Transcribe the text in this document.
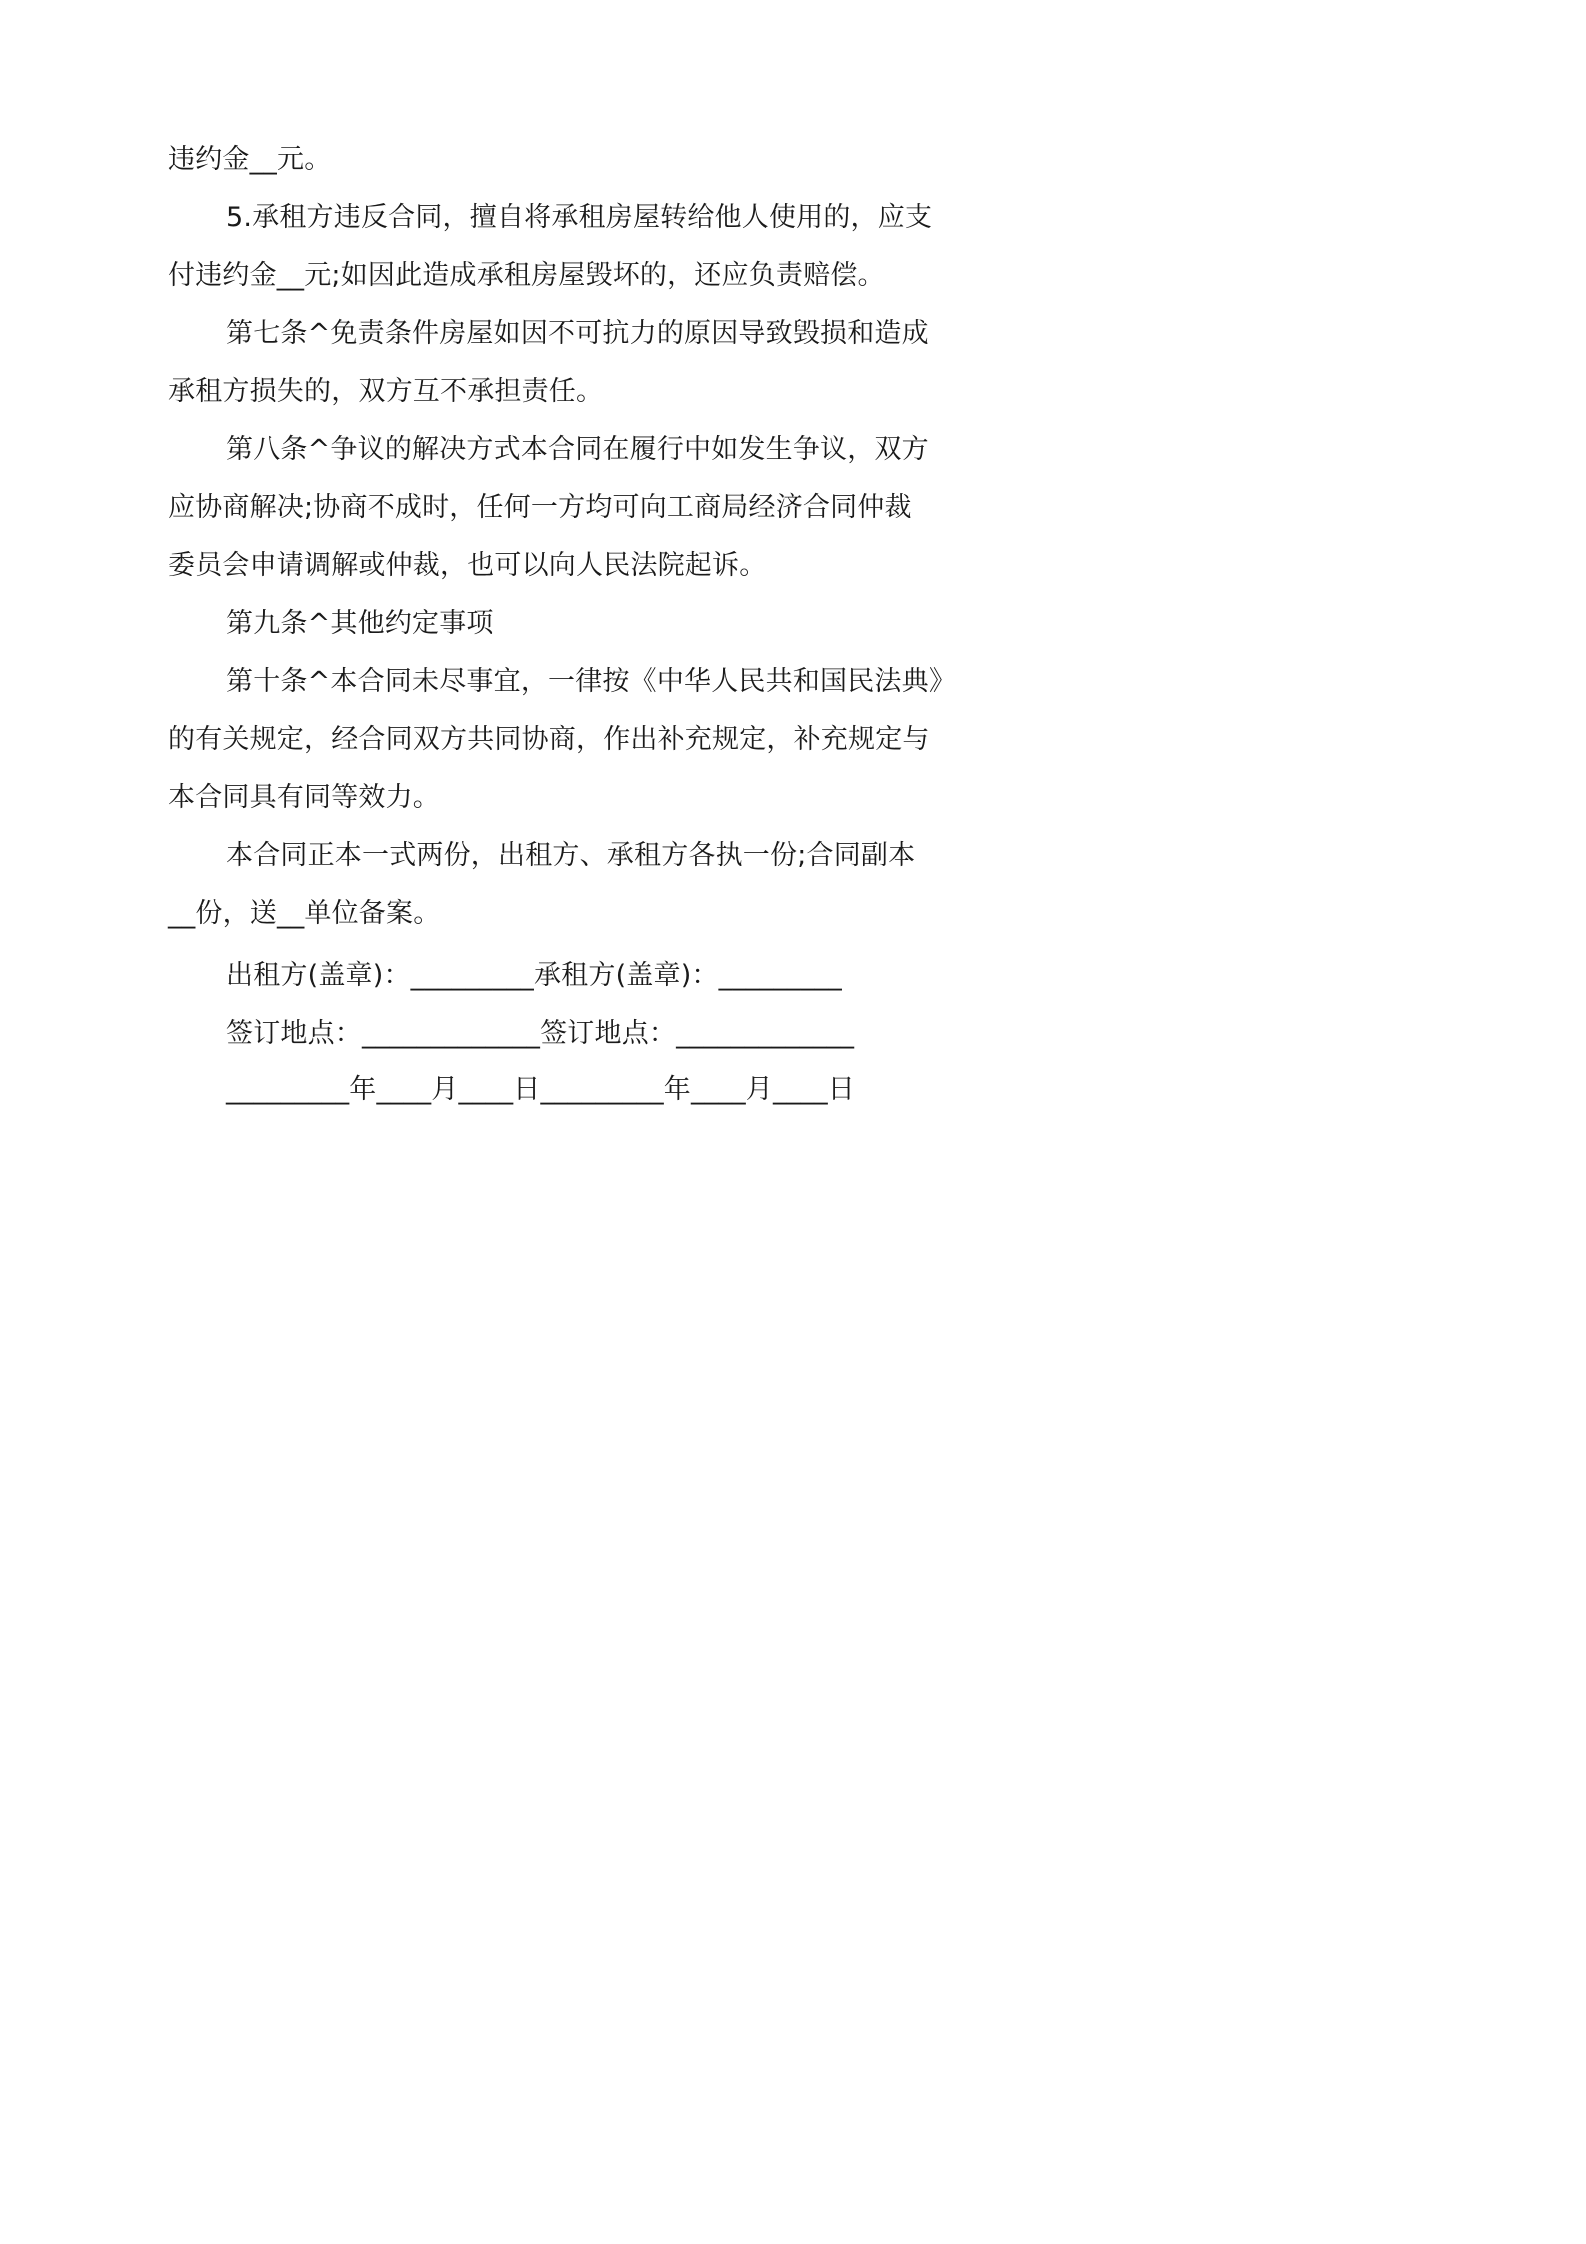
违约金__元。
5.承租方违反合同，擅自将承租房屋转给他人使用的，应支
付违约金__元;如因此造成承租房屋毁坏的，还应负责赔偿。
第七条^免责条件房屋如因不可抗力的原因导致毁损和造成
承租方损失的，双方互不承担责任。
第八条^争议的解决方式本合同在履行中如发生争议，双方
应协商解决;协商不成时，任何一方均可向工商局经济合同仲裁
委员会申请调解或仲裁，也可以向人民法院起诉。
第九条^其他约定事项
第十条^本合同未尽事宜，一律按《中华人民共和国民法典》
的有关规定，经合同双方共同协商，作出补充规定，补充规定与
本合同具有同等效力。
本合同正本一式两份，出租方、承租方各执一份;合同副本
__份，送__单位备案。
出租方(盖章)：_________承租方(盖章)：_________
签订地点：_____________签订地点：_____________
_________年____月____日_________年____月____日
